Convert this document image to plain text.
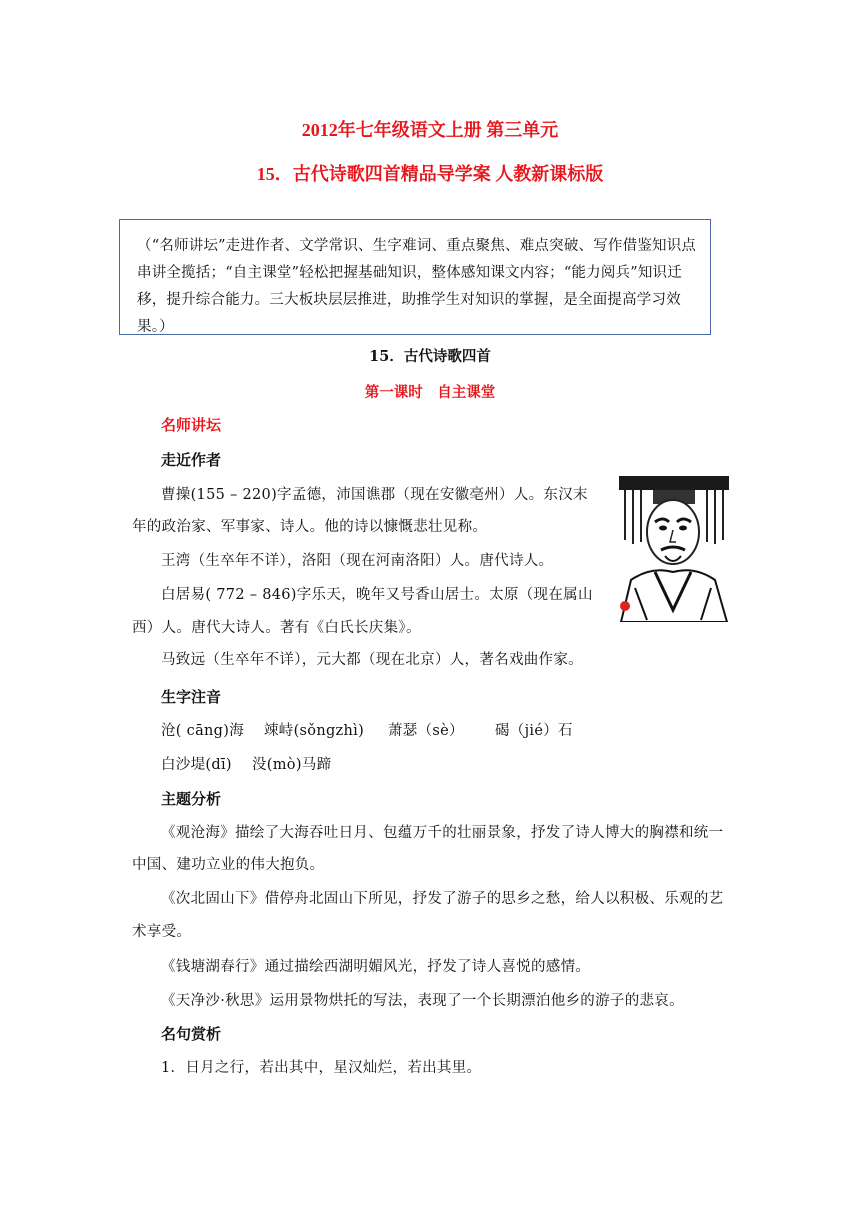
2012年七年级语文上册 第三单元
15．古代诗歌四首精品导学案 人教新课标版
（“名师讲坛”走进作者、文学常识、生字难词、重点聚焦、难点突破、写作借鉴知识点串讲全揽括；“自主课堂”轻松把握基础知识，整体感知课文内容；“能力阅兵”知识迁移，提升综合能力。三大板块层层推进，助推学生对知识的掌握，是全面提高学习效果。）
15．古代诗歌四首
第一课时　自主课堂
名师讲坛
走近作者
曹操(155 – 220)字孟德，沛国谯郡（现在安徽亳州）人。东汉末
年的政治家、军事家、诗人。他的诗以慷慨悲壮见称。
王湾（生卒年不详），洛阳（现在河南洛阳）人。唐代诗人。
白居易( 772 – 846)字乐天，晚年又号香山居士。太原（现在属山
西）人。唐代大诗人。著有《白氏长庆集》。
马致远（生卒年不详），元大都（现在北京）人，著名戏曲作家。
生字注音
沧( cāng)海 竦峙(sǒngzhì) 萧瑟（sè） 碣（jié）石
白沙堤(dī) 没(mò)马蹄
主题分析
《观沧海》描绘了大海吞吐日月、包蕴万千的壮丽景象，抒发了诗人博大的胸襟和统一
中国、建功立业的伟大抱负。
《次北固山下》借停舟北固山下所见，抒发了游子的思乡之愁，给人以积极、乐观的艺
术享受。
《钱塘湖春行》通过描绘西湖明媚风光，抒发了诗人喜悦的感情。
《天净沙·秋思》运用景物烘托的写法，表现了一个长期漂泊他乡的游子的悲哀。
名句赏析
1．日月之行，若出其中，星汉灿烂，若出其里。
